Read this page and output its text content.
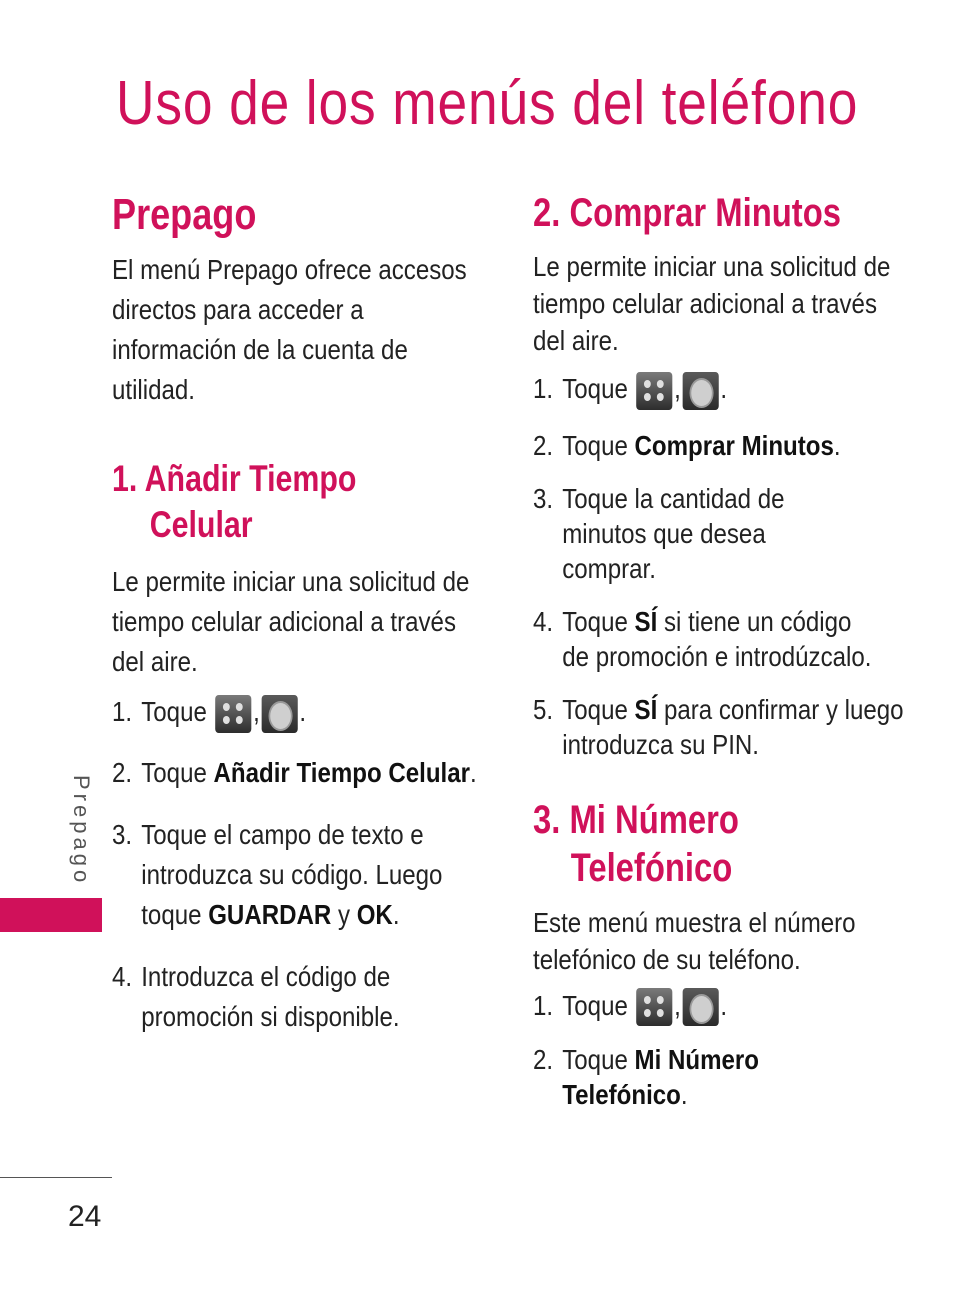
Uso de los menús del teléfono
Prepago

El menú Prepago ofrece accesos directos para acceder a información de la cuenta de utilidad.

1. Añadir Tiempo
Celular

Le permite iniciar una solicitud de tiempo celular adicional a través del aire.

1. Toque , .
2. Toque Añadir Tiempo Celular.
3. Toque el campo de texto e introduzca su código. Luego toque GUARDAR y OK.
4. Introduzca el código de promoción si disponible.
2. Comprar Minutos

Le permite iniciar una solicitud de tiempo celular adicional a través del aire.

1. Toque , .
2. Toque Comprar Minutos.
3. Toque la cantidad de minutos que desea comprar.
4. Toque SÍ si tiene un código de promoción e introdúzcalo.
5. Toque SÍ para confirmar y luego introduzca su PIN.
3. Mi Número
Telefónico

Este menú muestra el número telefónico de su teléfono.

1. Toque , .
2. Toque Mi Número Telefónico.
Prepago
24
